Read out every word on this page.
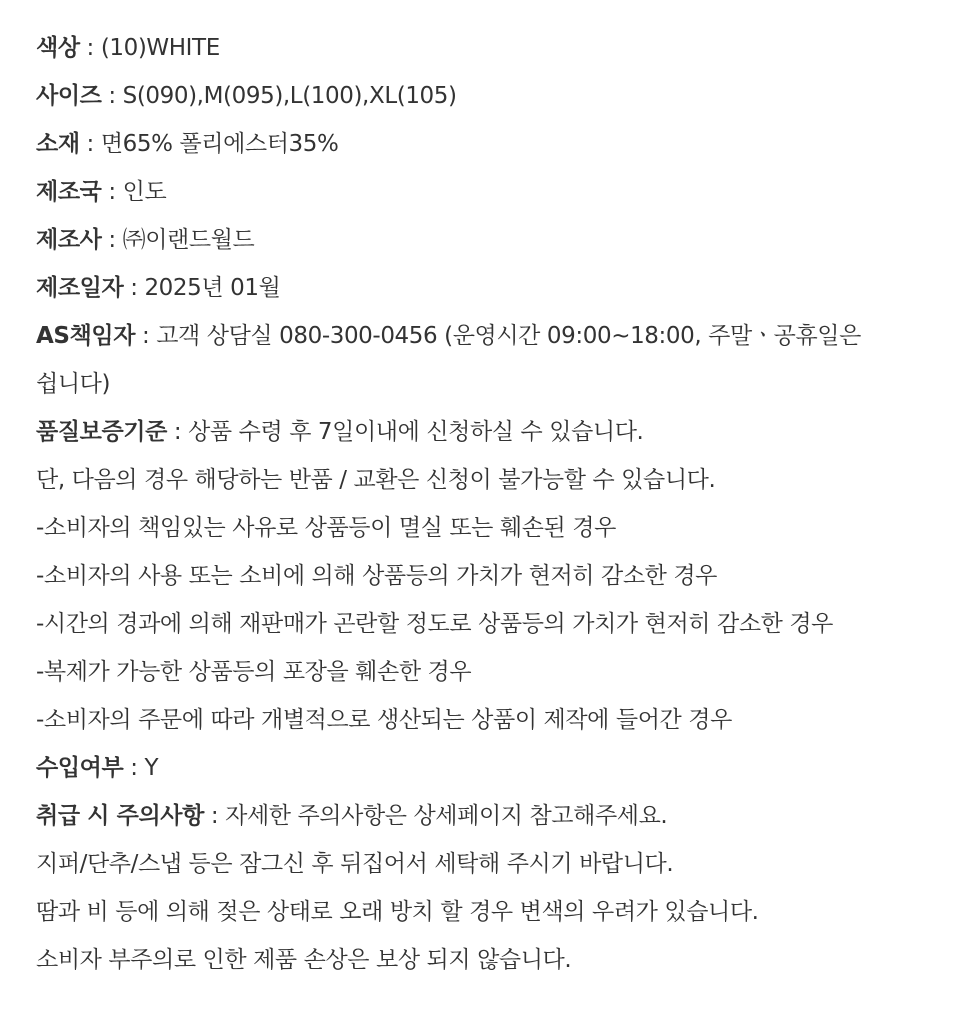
색상 : (10)WHITE
사이즈 : S(090),M(095),L(100),XL(105)
소재 : 면65% 폴리에스터35%
제조국 : 인도
제조사 : ㈜이랜드월드
제조일자 : 2025년 01월
AS책임자 : 고객 상담실 080-300-0456 (운영시간 09:00~18:00, 주말ㆍ공휴일은 쉽니다)
품질보증기준 : 상품 수령 후 7일이내에 신청하실 수 있습니다.
단, 다음의 경우 해당하는 반품 / 교환은 신청이 불가능할 수 있습니다.
-소비자의 책임있는 사유로 상품등이 멸실 또는 훼손된 경우
-소비자의 사용 또는 소비에 의해 상품등의 가치가 현저히 감소한 경우
-시간의 경과에 의해 재판매가 곤란할 정도로 상품등의 가치가 현저히 감소한 경우
-복제가 가능한 상품등의 포장을 훼손한 경우
-소비자의 주문에 따라 개별적으로 생산되는 상품이 제작에 들어간 경우
수입여부 : Y
취급 시 주의사항 : 자세한 주의사항은 상세페이지 참고해주세요.
지퍼/단추/스냅 등은 잠그신 후 뒤집어서 세탁해 주시기 바랍니다.
땀과 비 등에 의해 젖은 상태로 오래 방치 할 경우 변색의 우려가 있습니다.
소비자 부주의로 인한 제품 손상은 보상 되지 않습니다.
